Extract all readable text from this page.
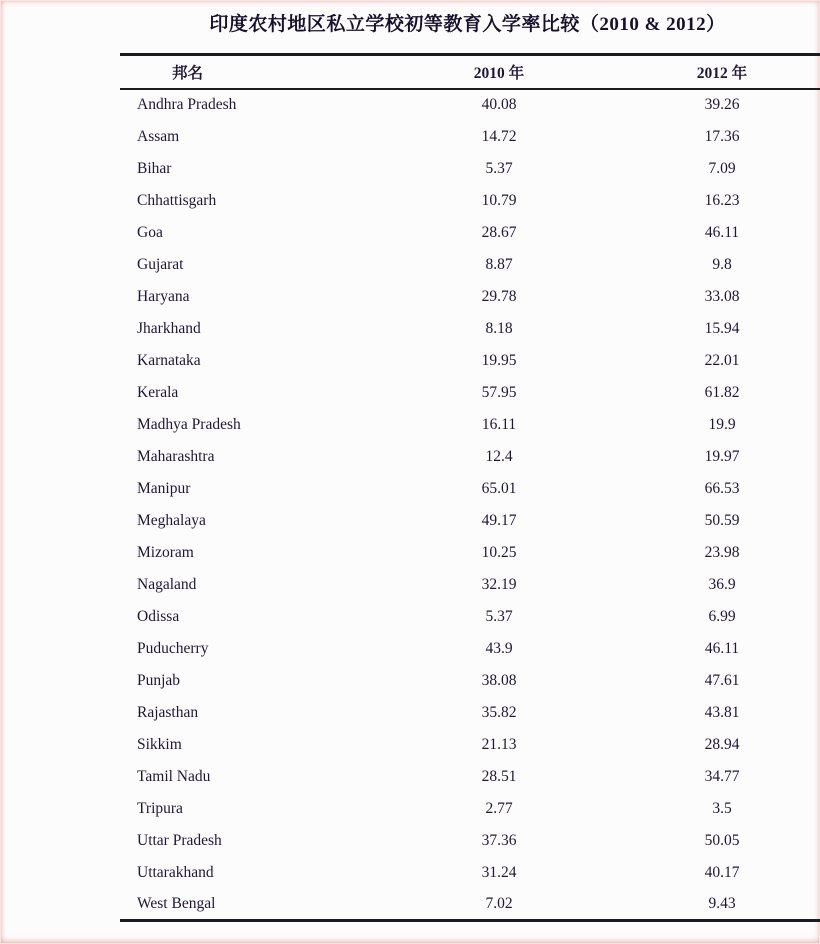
印度农村地区私立学校初等教育入学率比较（2010 & 2012）
邦名	2010 年	2012 年
Andhra Pradesh	40.08	39.26
Assam	14.72	17.36
Bihar	5.37	7.09
Chhattisgarh	10.79	16.23
Goa	28.67	46.11
Gujarat	8.87	9.8
Haryana	29.78	33.08
Jharkhand	8.18	15.94
Karnataka	19.95	22.01
Kerala	57.95	61.82
Madhya Pradesh	16.11	19.9
Maharashtra	12.4	19.97
Manipur	65.01	66.53
Meghalaya	49.17	50.59
Mizoram	10.25	23.98
Nagaland	32.19	36.9
Odissa	5.37	6.99
Puducherry	43.9	46.11
Punjab	38.08	47.61
Rajasthan	35.82	43.81
Sikkim	21.13	28.94
Tamil Nadu	28.51	34.77
Tripura	2.77	3.5
Uttar Pradesh	37.36	50.05
Uttarakhand	31.24	40.17
West Bengal	7.02	9.43
